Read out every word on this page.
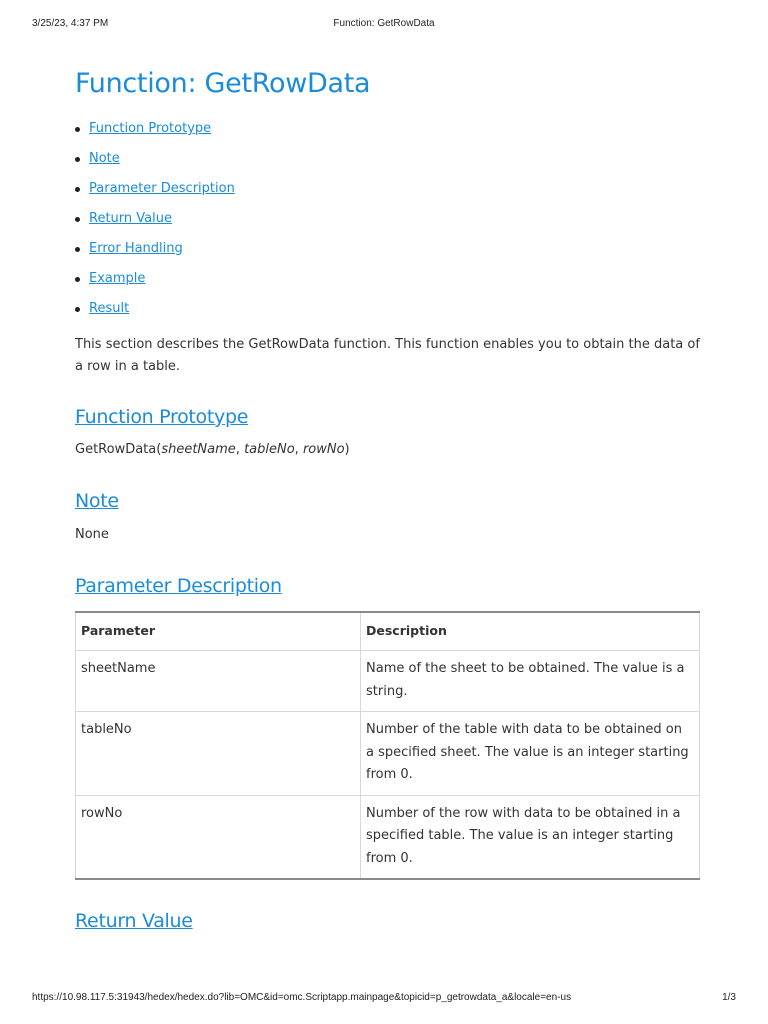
3/25/23, 4:37 PM	Function: GetRowData
Function: GetRowData
Function Prototype
Note
Parameter Description
Return Value
Error Handling
Example
Result

This section describes the GetRowData function. This function enables you to obtain the data of a row in a table.

Function Prototype
GetRowData(sheetName, tableNo, rowNo)
Note
None
Parameter Description
Parameter	Description
sheetName	Name of the sheet to be obtained. The value is a string.
tableNo	Number of the table with data to be obtained on a specified sheet. The value is an integer starting from 0.
rowNo	Number of the row with data to be obtained in a specified table. The value is an integer starting from 0.
Return Value
https://10.98.117.5:31943/hedex/hedex.do?lib=OMC&id=omc.Scriptapp.mainpage&topicid=p_getrowdata_a&locale=en-us	1/3
